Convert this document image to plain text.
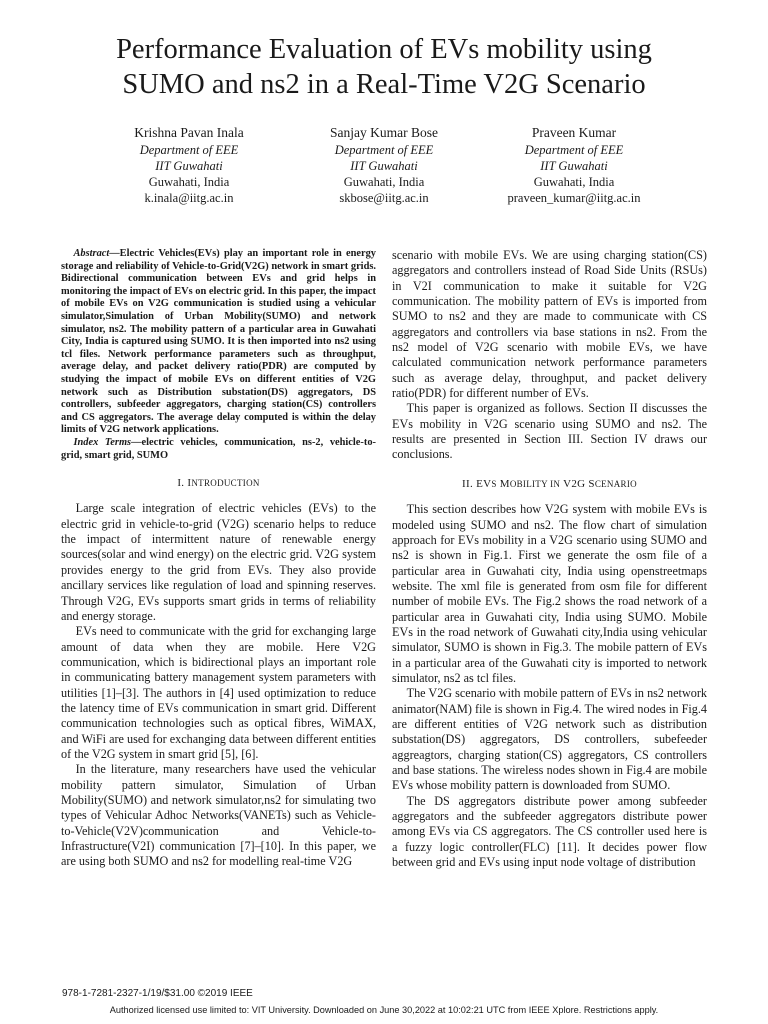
Performance Evaluation of EVs mobility using
SUMO and ns2 in a Real-Time V2G Scenario
Krishna Pavan Inala
Department of EEE
IIT Guwahati
Guwahati, India
k.inala@iitg.ac.in
Sanjay Kumar Bose
Department of EEE
IIT Guwahati
Guwahati, India
skbose@iitg.ac.in
Praveen Kumar
Department of EEE
IIT Guwahati
Guwahati, India
praveen_kumar@iitg.ac.in

Abstract—Electric Vehicles(EVs) play an important role in energy storage and reliability of Vehicle-to-Grid(V2G) network in smart grids. Bidirectional communication between EVs and grid helps in monitoring the impact of EVs on electric grid. In this paper, the impact of mobile EVs on V2G communication is studied using a vehicular simulator,Simulation of Urban Mobility(SUMO) and network simulator, ns2. The mobility pattern of a particular area in Guwahati City, India is captured using SUMO. It is then imported into ns2 using tcl files. Network performance parameters such as throughput, average delay, and packet delivery ratio(PDR) are computed by studying the impact of mobile EVs on different entities of V2G network such as Distribution substation(DS) aggregators, DS controllers, subfeeder aggregators, charging station(CS) controllers and CS aggregators. The average delay computed is within the delay limits of V2G network applications.

Index Terms—electric vehicles, communication, ns-2, vehicle-to-grid, smart grid, SUMO

I. INTRODUCTION

Large scale integration of electric vehicles (EVs) to the electric grid in vehicle-to-grid (V2G) scenario helps to reduce the impact of intermittent nature of renewable energy sources(solar and wind energy) on the electric grid. V2G system provides energy to the grid from EVs. They also provide ancillary services like regulation of load and spinning reserves. Through V2G, EVs supports smart grids in terms of reliability and energy storage.

EVs need to communicate with the grid for exchanging large amount of data when they are mobile. Here V2G communication, which is bidirectional plays an important role in communicating battery management system parameters with utilities [1]–[3]. The authors in [4] used optimization to reduce the latency time of EVs communication in smart grid. Different communication technologies such as optical fibres, WiMAX, and WiFi are used for exchanging data between different entities of the V2G system in smart grid [5], [6].

In the literature, many researchers have used the vehicular mobility pattern simulator, Simulation of Urban Mobility(SUMO) and network simulator,ns2 for simulating two types of Vehicular Adhoc Networks(VANETs) such as Vehicle-to-Vehicle(V2V)communication and Vehicle-to-Infrastructure(V2I) communication [7]–[10]. In this paper, we are using both SUMO and ns2 for modelling real-time V2G

scenario with mobile EVs. We are using charging station(CS) aggregators and controllers instead of Road Side Units (RSUs) in V2I communication to make it suitable for V2G communication. The mobility pattern of EVs is imported from SUMO to ns2 and they are made to communicate with CS aggregators and controllers via base stations in ns2. From the ns2 model of V2G scenario with mobile EVs, we have calculated communication network performance parameters such as average delay, throughput, and packet delivery ratio(PDR) for different number of EVs.

This paper is organized as follows. Section II discusses the EVs mobility in V2G scenario using SUMO and ns2. The results are presented in Section III. Section IV draws our conclusions.

II. EVS MOBILITY IN V2G SCENARIO

This section describes how V2G system with mobile EVs is modeled using SUMO and ns2. The flow chart of simulation approach for EVs mobility in a V2G scenario using SUMO and ns2 is shown in Fig.1. First we generate the osm file of a particular area in Guwahati city, India using openstreetmaps website. The xml file is generated from osm file for different number of mobile EVs. The Fig.2 shows the road network of a particular area in Guwahati city, India using SUMO. Mobile EVs in the road network of Guwahati city,India using vehicular simulator, SUMO is shown in Fig.3. The mobile pattern of EVs in a particular area of the Guwahati city is imported to network simulator, ns2 as tcl files.

The V2G scenario with mobile pattern of EVs in ns2 network animator(NAM) file is shown in Fig.4. The wired nodes in Fig.4 are different entities of V2G network such as distribution substation(DS) aggregators, DS controllers, subefeeder aggreagtors, charging station(CS) aggregators, CS controllers and base stations. The wireless nodes shown in Fig.4 are mobile EVs whose mobility pattern is downloaded from SUMO.

The DS aggregators distribute power among subfeeder aggregators and the subfeeder aggregators distribute power among EVs via CS aggregators. The CS controller used here is a fuzzy logic controller(FLC) [11]. It decides power flow between grid and EVs using input node voltage of distribution

978-1-7281-2327-1/19/$31.00 ©2019 IEEE
Authorized licensed use limited to: VIT University. Downloaded on June 30,2022 at 10:02:21 UTC from IEEE Xplore. Restrictions apply.
